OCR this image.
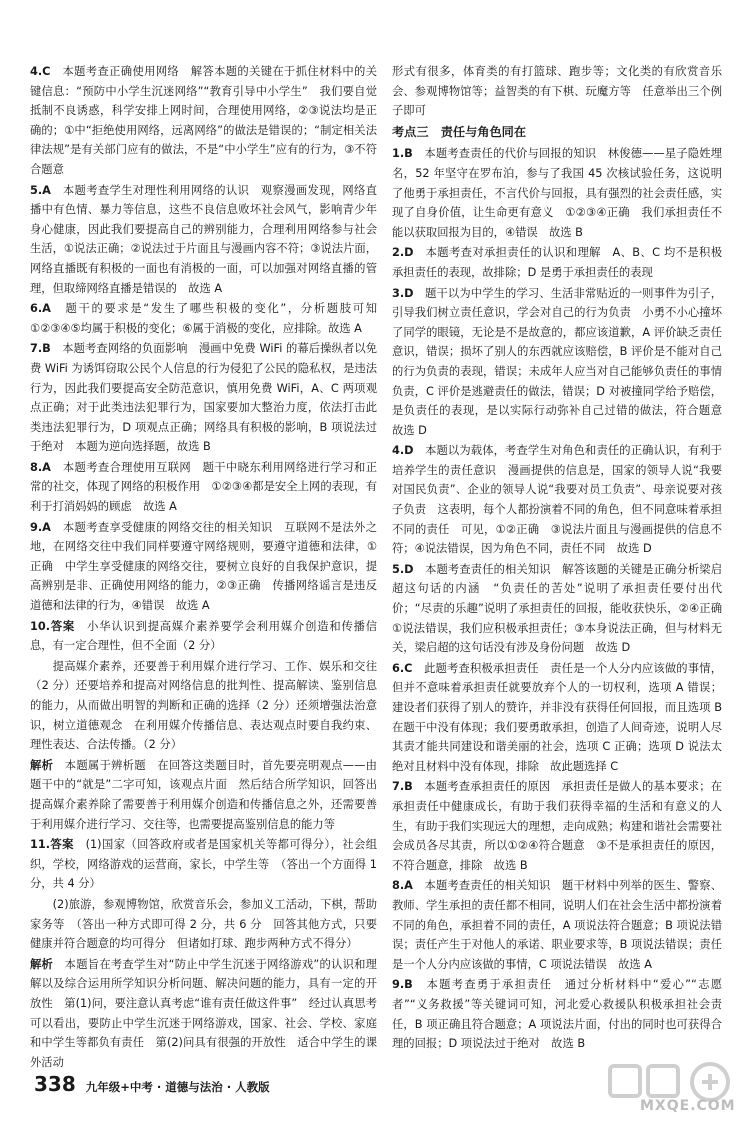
4.C　本题考查正确使用网络　解答本题的关键在于抓住材料中的关键信息：“预防中小学生沉迷网络”“教育引导中小学生”　我们要自觉抵制不良诱惑，科学安排上网时间，合理使用网络，②③说法均是正确的；①中“拒绝使用网络，远离网络”的做法是错误的；“制定相关法律法规”是有关部门应有的做法，不是“中小学生”应有的行为，③不符合题意
5.A　本题考查学生对理性利用网络的认识　观察漫画发现，网络直播中有色情、暴力等信息，这些不良信息败坏社会风气，影响青少年身心健康，因此我们要提高自己的辨别能力，合理利用网络参与社会生活，①说法正确；②说法过于片面且与漫画内容不符；③说法片面，网络直播既有积极的一面也有消极的一面，可以加强对网络直播的管理，但取缔网络直播是错误的　故选 A
6.A　题干的要求是“发生了哪些积极的变化”，分析题肢可知①②③④⑤均属于积极的变化；⑥属于消极的变化，应排除。故选 A
7.B　本题考查网络的负面影响　漫画中免费 WiFi 的幕后操纵者以免费 WiFi 为诱饵窃取公民个人信息的行为侵犯了公民的隐私权，是违法行为，因此我们要提高安全防范意识，慎用免费 WiFi，A、C 两项观点正确；对于此类违法犯罪行为，国家要加大整治力度，依法打击此类违法犯罪行为，D 项观点正确；网络具有积极的影响，B 项说法过于绝对　本题为逆向选择题，故选 B
8.A　本题考查合理使用互联网　题干中晓东利用网络进行学习和正常的社交，体现了网络的积极作用　①②③④都是安全上网的表现，有利于打消妈妈的顾虑　故选 A
9.A　本题考查享受健康的网络交往的相关知识　互联网不是法外之地，在网络交往中我们同样要遵守网络规则，要遵守道德和法律，①正确　中学生享受健康的网络交往，要树立良好的自我保护意识，提高辨别是非、正确使用网络的能力，②③正确　传播网络谣言是违反道德和法律的行为，④错误　故选 A
10.答案　小华认识到提高媒介素养要学会利用媒介创造和传播信息，有一定合理性，但不全面（2 分）
提高媒介素养，还要善于利用媒介进行学习、工作、娱乐和交往（2 分）还要培养和提高对网络信息的批判性、提高解读、鉴别信息的能力，从而做出明智的判断和正确的选择（2 分）还须增强法治意识，树立道德观念　在利用媒介传播信息、表达观点时要自我约束、理性表达、合法传播。（2 分）
解析　本题属于辨析题　在回答这类题目时，首先要亮明观点——由题干中的“就是”二字可知，该观点片面　然后结合所学知识，回答出提高媒介素养除了需要善于利用媒介创造和传播信息之外，还需要善于利用媒介进行学习、交往等，也需要提高鉴别信息的能力等
11.答案　(1)国家（回答政府或者是国家机关等都可得分），社会组织，学校，网络游戏的运营商，家长，中学生等　（答出一个方面得 1 分，共 4 分）
(2)旅游，参观博物馆，欣赏音乐会，参加义工活动，下棋，帮助家务等　（答出一种方式即可得 2 分，共 6 分　回答其他方式，只要健康并符合题意的均可得分　但诸如打球、跑步两种方式不得分）
解析　本题旨在考查学生对“防止中学生沉迷于网络游戏”的认识和理解以及综合运用所学知识分析问题、解决问题的能力，具有一定的开放性　第(1)问，要注意认真考虑“谁有责任做这件事”　经过认真思考可以看出，要防止中学生沉迷于网络游戏，国家、社会、学校、家庭和中学生等都负有责任　第(2)问具有很强的开放性　适合中学生的课外活动

形式有很多，体育类的有打篮球、跑步等；文化类的有欣赏音乐会、参观博物馆等；益智类的有下棋、玩魔方等　任意举出三个例子即可

考点三　责任与角色同在
1.B　本题考查责任的代价与回报的知识　林俊德——星子隐姓埋名，52 年坚守在罗布泊，参与了我国 45 次核试验任务，这说明了他勇于承担责任，不言代价与回报，具有强烈的社会责任感，实现了自身价值，让生命更有意义　①②③④正确　我们承担责任不能以获取回报为目的，④错误　故选 B
2.D　本题考查对承担责任的认识和理解　A、B、C 均不是积极承担责任的表现，故排除；D 是勇于承担责任的表现
3.D　题干以为中学生的学习、生活非常贴近的一则事件为引子，引导我们树立责任意识，学会对自己的行为负责　小勇不小心撞坏了同学的眼镜，无论是不是故意的，都应该道歉，A 评价缺乏责任意识，错误；损坏了别人的东西就应该赔偿，B 评价是不能对自己的行为负责的表现，错误；未成年人应当对自己能够负责任的事情负责，C 评价是逃避责任的做法，错误；D 对被撞同学给予赔偿，是负责任的表现，是以实际行动弥补自己过错的做法，符合题意　故选 D
4.D　本题以为载体，考查学生对角色和责任的正确认识，有利于培养学生的责任意识　漫画提供的信息是，国家的领导人说“我要对国民负责”、企业的领导人说“我要对员工负责”、母亲说要对孩子负责　这表明，每个人都扮演着不同的角色，但不同意味着承担不同的责任　可见，①②正确　③说法片面且与漫画提供的信息不符；④说法错误，因为角色不同，责任不同　故选 D
5.D　本题考查责任的相关知识　解答该题的关键是正确分析梁启超这句话的内涵　“负责任的苦处”说明了承担责任要付出代价；“尽责的乐趣”说明了承担责任的回报，能收获快乐，②④正确　①说法错误，我们应积极承担责任；③本身说法正确，但与材料无关，梁启超的这句话没有涉及身份问题　故选 D
6.C　此题考查积极承担责任　责任是一个人分内应该做的事情，但并不意味着承担责任就要放弃个人的一切权利，选项 A 错误；建设者们获得了别人的赞许，并非没有获得任何回报，而且选项 B 在题干中没有体现；我们要勇敢承担，创造了人间奇迹，说明人尽其责才能共同建设和谐美丽的社会，选项 C 正确；选项 D 说法太绝对且材料中没有体现，排除　故此题选择 C
7.B　本题考查承担责任的原因　承担责任是做人的基本要求；在承担责任中健康成长，有助于我们获得幸福的生活和有意义的人生，有助于我们实现远大的理想，走向成熟；构建和谐社会需要社会成员各尽其责，所以①②④符合题意　③不是承担责任的原因，不符合题意，排除　故选 B
8.A　本题考查责任的相关知识　题干材料中列举的医生、警察、教师、学生承担的责任都不相同，说明人们在社会生活中都扮演着不同的角色，承担着不同的责任，A 项说法符合题意；B 项说法错误；责任产生于对他人的承诺、职业要求等，B 项说法错误；责任是一个人分内应该做的事情，C 项说法错误　故选 A
9.B　本题考查勇于承担责任　通过分析材料中“爱心”“志愿者”“义务救援”等关键词可知，河北爱心救援队积极承担社会责任，B 项正确且符合题意；A 项说法片面，付出的同时也可获得合理的回报；D 项说法过于绝对　故选 B
338 九年级+中考 · 道德与法治 · 人教版
MXQE.COM
